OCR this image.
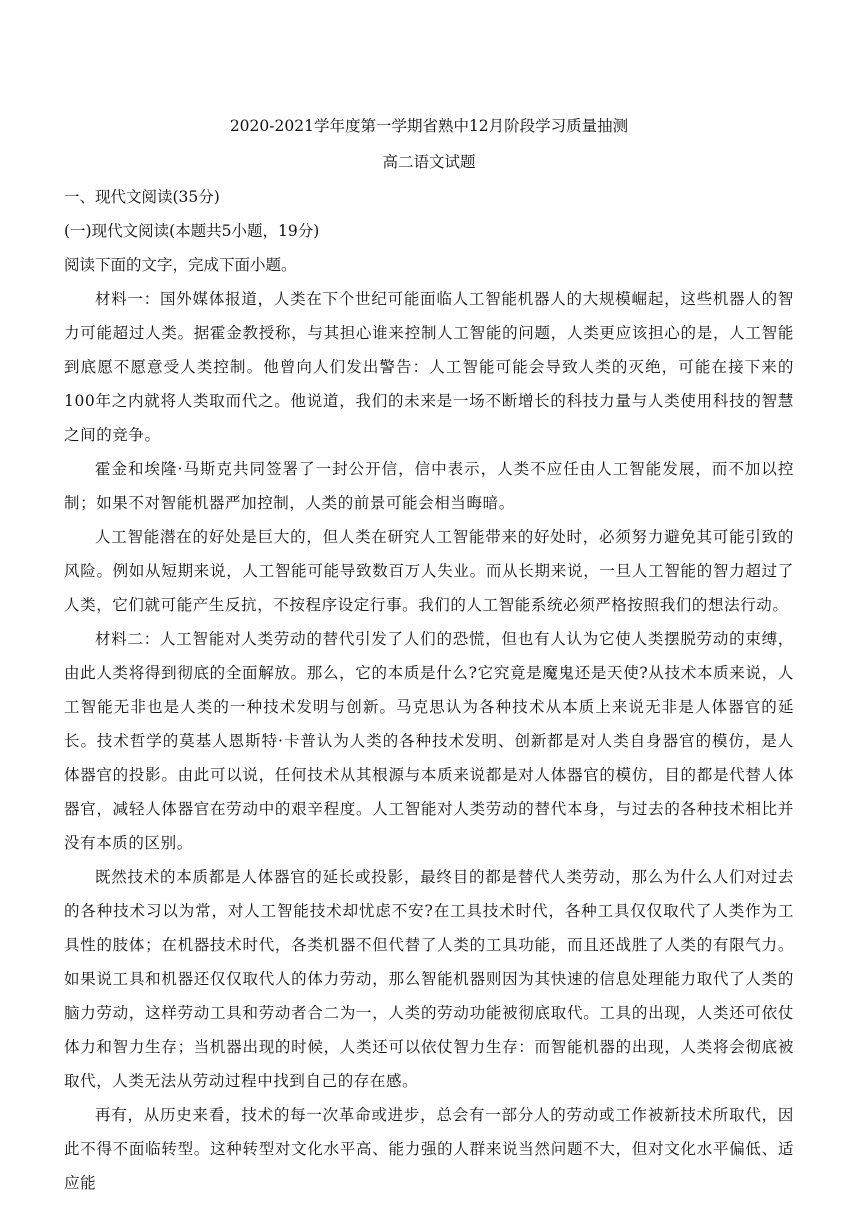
2020-2021学年度第一学期省熟中12月阶段学习质量抽测
高二语文试题

一、现代文阅读(35分)

(一)现代文阅读(本题共5小题，19分)

阅读下面的文字，完成下面小题。

材料一：国外媒体报道，人类在下个世纪可能面临人工智能机器人的大规模崛起，这些机器人的智力可能超过人类。据霍金教授称，与其担心谁来控制人工智能的问题，人类更应该担心的是，人工智能到底愿不愿意受人类控制。他曾向人们发出警告：人工智能可能会导致人类的灭绝，可能在接下来的100年之内就将人类取而代之。他说道，我们的未来是一场不断增长的科技力量与人类使用科技的智慧之间的竞争。

霍金和埃隆·马斯克共同签署了一封公开信，信中表示，人类不应任由人工智能发展，而不加以控制；如果不对智能机器严加控制，人类的前景可能会相当晦暗。

人工智能潜在的好处是巨大的，但人类在研究人工智能带来的好处时，必须努力避免其可能引致的风险。例如从短期来说，人工智能可能导致数百万人失业。而从长期来说，一旦人工智能的智力超过了人类，它们就可能产生反抗，不按程序设定行事。我们的人工智能系统必须严格按照我们的想法行动。

材料二：人工智能对人类劳动的替代引发了人们的恐慌，但也有人认为它使人类摆脱劳动的束缚，由此人类将得到彻底的全面解放。那么，它的本质是什么?它究竟是魔鬼还是天使?从技术本质来说，人工智能无非也是人类的一种技术发明与创新。马克思认为各种技术从本质上来说无非是人体器官的延长。技术哲学的莫基人恩斯特·卡普认为人类的各种技术发明、创新都是对人类自身器官的模仿，是人体器官的投影。由此可以说，任何技术从其根源与本质来说都是对人体器官的模仿，目的都是代替人体器官，减轻人体器官在劳动中的艰辛程度。人工智能对人类劳动的替代本身，与过去的各种技术相比并没有本质的区别。

既然技术的本质都是人体器官的延长或投影，最终目的都是替代人类劳动，那么为什么人们对过去的各种技术习以为常，对人工智能技术却忧虑不安?在工具技术时代，各种工具仅仅取代了人类作为工具性的肢体；在机器技术时代，各类机器不但代替了人类的工具功能，而且还战胜了人类的有限气力。如果说工具和机器还仅仅取代人的体力劳动，那么智能机器则因为其快速的信息处理能力取代了人类的脑力劳动，这样劳动工具和劳动者合二为一，人类的劳动功能被彻底取代。工具的出现，人类还可依仗体力和智力生存；当机器出现的时候，人类还可以依仗智力生存：而智能机器的出现，人类将会彻底被取代，人类无法从劳动过程中找到自己的存在感。

再有，从历史来看，技术的每一次革命或进步，总会有一部分人的劳动或工作被新技术所取代，因此不得不面临转型。这种转型对文化水平高、能力强的人群来说当然问题不大，但对文化水平偏低、适应能
